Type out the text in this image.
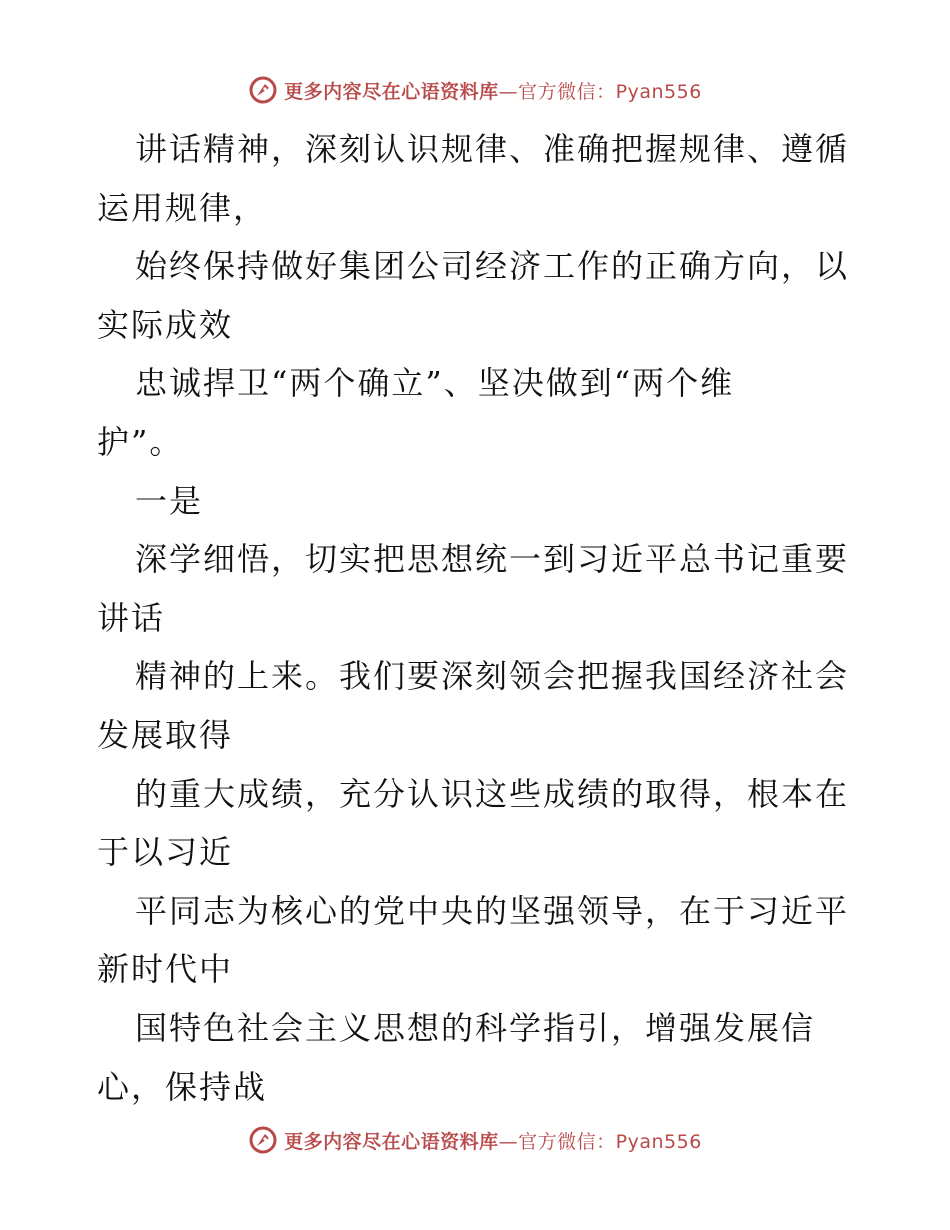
更多内容尽在心语资料库—官方微信：Pyan556
讲话精神，深刻认识规律、准确把握规律、遵循
运用规律，
始终保持做好集团公司经济工作的正确方向，以
实际成效
忠诚捍卫“两个确立”、坚决做到“两个维
护”。
一是
深学细悟，切实把思想统一到习近平总书记重要
讲话
精神的上来。我们要深刻领会把握我国经济社会
发展取得
的重大成绩，充分认识这些成绩的取得，根本在
于以习近
平同志为核心的党中央的坚强领导，在于习近平
新时代中
国特色社会主义思想的科学指引，增强发展信
心，保持战
更多内容尽在心语资料库—官方微信：Pyan556
